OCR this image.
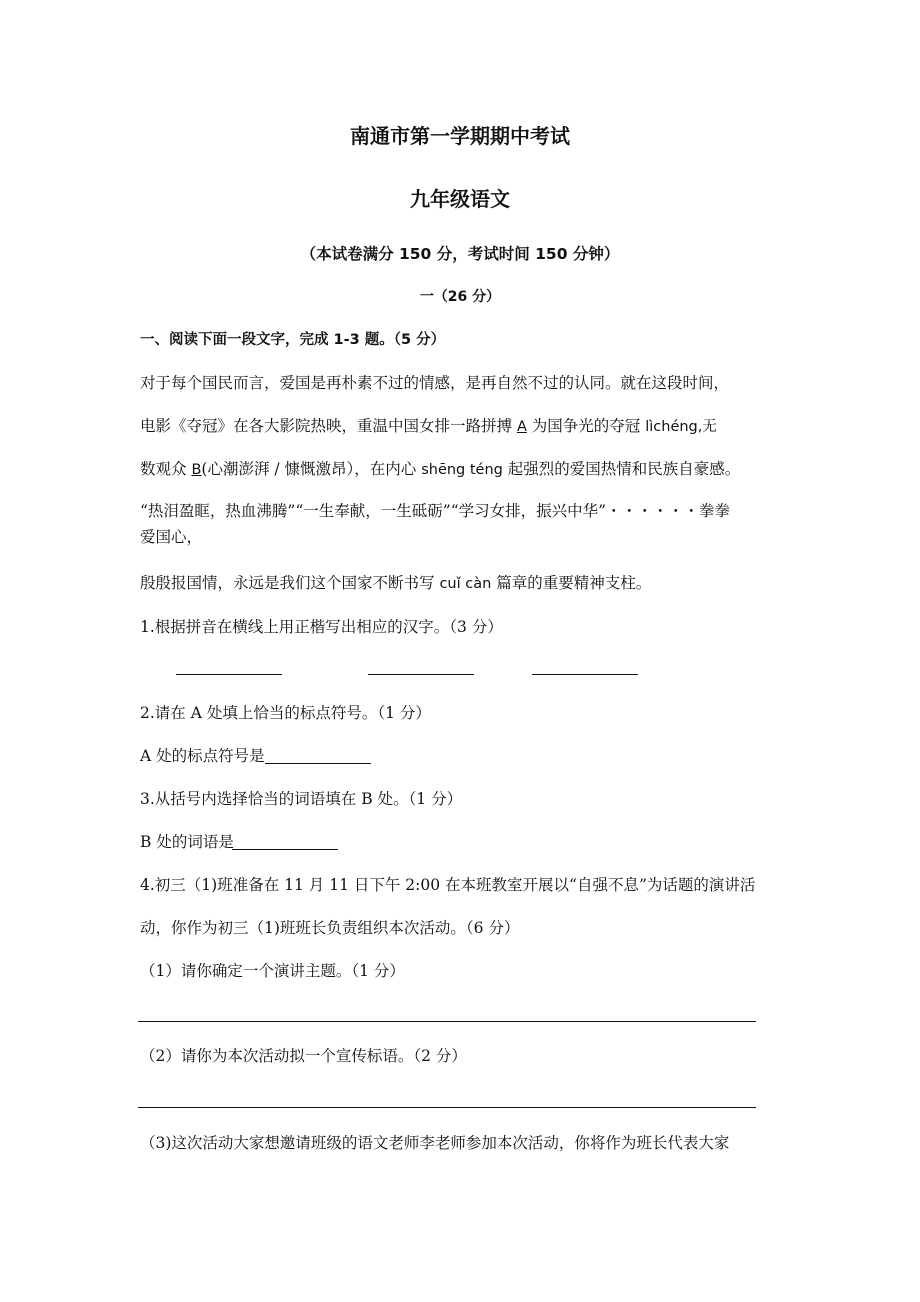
南通市第一学期期中考试
九年级语文
（本试卷满分 150 分，考试时间 150 分钟）
一（26 分）
一、阅读下面一段文字，完成 1-3 题。（5 分）
对于每个国民而言，爱国是再朴素不过的情感，是再自然不过的认同。就在这段时间，
电影《夺冠》在各大影院热映，重温中国女排一路拼搏 A 为国争光的夺冠 lìchéng,无
数观众 B(心潮澎湃 / 慷慨激昂），在内心 shēng téng 起强烈的爱国热情和民族自豪感。
“热泪盈眶，热血沸腾”“一生奉献，一生砥砺”“学习女排，振兴中华”・・・・・・拳拳
爱国心，
殷殷报国情，永远是我们这个国家不断书写 cuǐ càn 篇章的重要精神支柱。
1.根据拼音在横线上用正楷写出相应的汉字。（3 分）
2.请在 A 处填上恰当的标点符号。（1 分）
A 处的标点符号是
3.从括号内选择恰当的词语填在 B 处。（1 分）
B 处的词语是
4.初三（1)班准备在 11 月 11 日下午 2:00 在本班教室开展以“自强不息”为话题的演讲活
动，你作为初三（1)班班长负责组织本次活动。（6 分）
（1）请你确定一个演讲主题。（1 分）
（2）请你为本次活动拟一个宣传标语。（2 分）
（3)这次活动大家想邀请班级的语文老师李老师参加本次活动，你将作为班长代表大家
